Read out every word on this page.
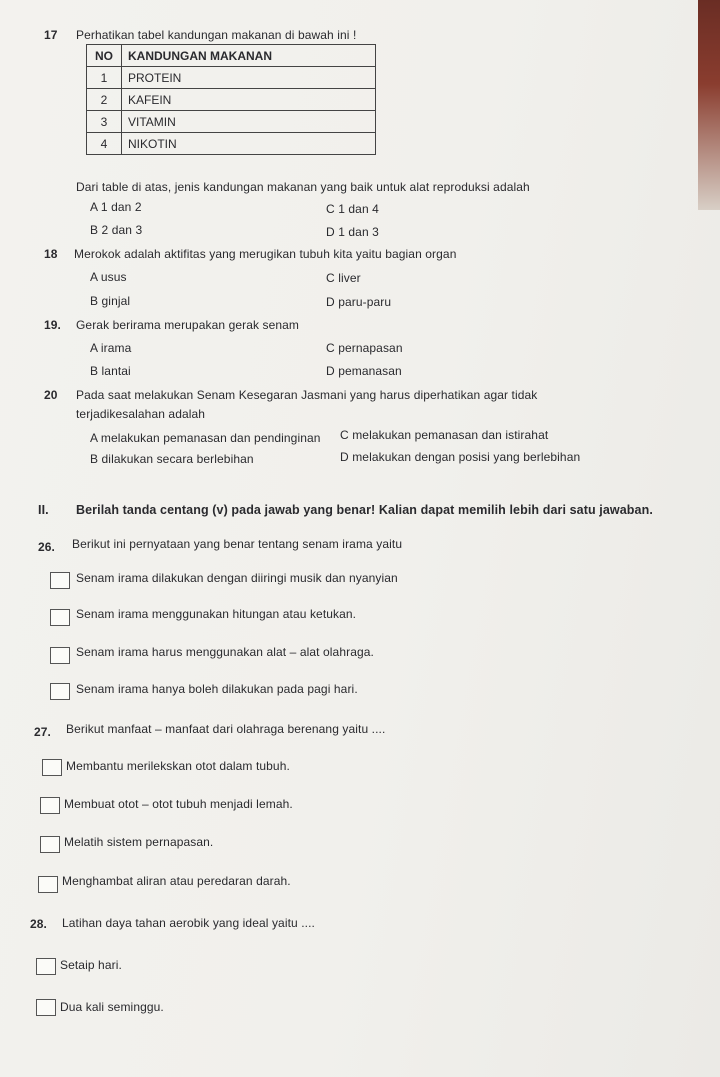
17 Perhatikan tabel kandungan makanan di bawah ini !
NO	KANDUNGAN MAKANAN
1	PROTEIN
2	KAFEIN
3	VITAMIN
4	NIKOTIN
Dari table di atas, jenis kandungan makanan yang baik untuk alat reproduksi adalah
A 1 dan 2	C 1 dan 4
B 2 dan 3	D 1 dan 3
18 Merokok adalah aktifitas yang merugikan tubuh kita yaitu bagian organ
A usus	C liver
B ginjal	D paru-paru
19. Gerak berirama merupakan gerak senam
A irama	C pernapasan
B lantai	D pemanasan
20 Pada saat melakukan Senam Kesegaran Jasmani yang harus diperhatikan agar tidak
terjadikesalahan adalah
A melakukan pemanasan dan pendinginan C melakukan pemanasan dan istirahat
B dilakukan secara berlebihan	D melakukan dengan posisi yang berlebihan
II. Berilah tanda centang (v) pada jawab yang benar! Kalian dapat memilih lebih dari satu jawaban.
26. Berikut ini pernyataan yang benar tentang senam irama yaitu
Senam irama dilakukan dengan diiringi musik dan nyanyian
Senam irama menggunakan hitungan atau ketukan.
Senam irama harus menggunakan alat – alat olahraga.
Senam irama hanya boleh dilakukan pada pagi hari.
27. Berikut manfaat – manfaat dari olahraga berenang yaitu ....
Membantu merilekskan otot dalam tubuh.
Membuat otot – otot tubuh menjadi lemah.
Melatih sistem pernapasan.
Menghambat aliran atau peredaran darah.
28. Latihan daya tahan aerobik yang ideal yaitu ....
Setaip hari.
Dua kali seminggu.
